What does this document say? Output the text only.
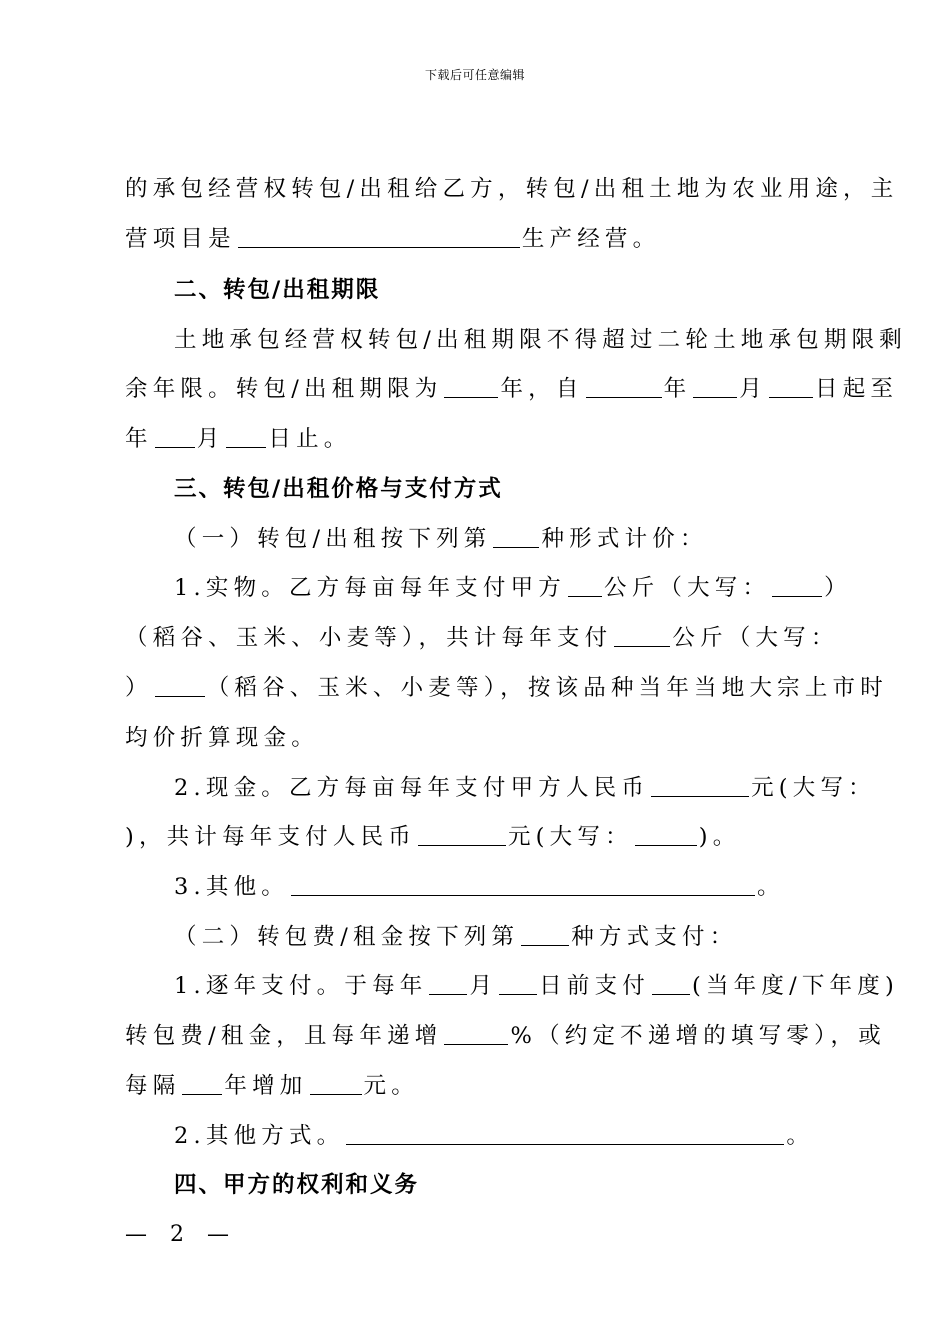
下载后可任意编辑
的承包经营权转包/出租给乙方，转包/出租土地为农业用途，主
营项目是	生产经营。
二、转包/出租期限
土地承包经营权转包/出租期限不得超过二轮土地承包期限剩
余年限。转包/出租期限为	年，自	年 月 日起至
年 月 日止。
三、转包/出租价格与支付方式
（一）转包/出租按下列第 种形式计价：
1.实物。乙方每亩每年支付甲方 公斤（大写： ）
（稻谷、玉米、小麦等），共计每年支付	公斤（大写：
） （稻谷、玉米、小麦等），按该品种当年当地大宗上市时
均价折算现金。
2.现金。乙方每亩每年支付甲方人民币	元(大写：
)，共计每年支付人民币	元(大写：	)。
3.其他。	。
（二）转包费/租金按下列第 种方式支付：
1.逐年支付。于每年 月 日前支付 (当年度/下年度)
转包费/租金，且每年递增	%（约定不递增的填写零），或
每隔 年增加 元。
2.其他方式。	。
四、甲方的权利和义务
— 2 —
